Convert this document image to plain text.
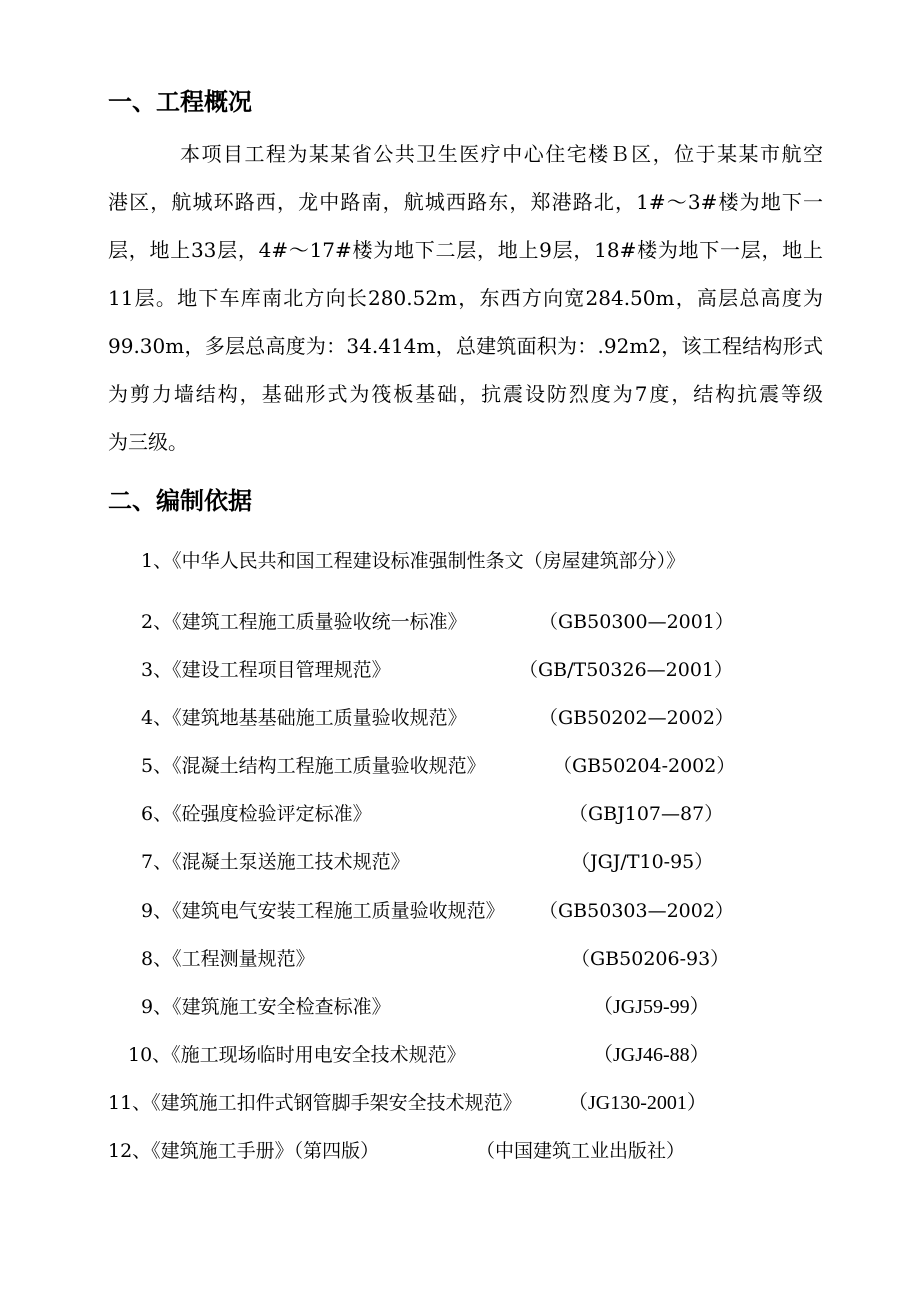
一、工程概况
本项目工程为某某省公共卫生医疗中心住宅楼Ｂ区，位于某某市航空
港区，航城环路西，龙中路南，航城西路东，郑港路北，1#～3#楼为地下一
层，地上33层，4#～17#楼为地下二层，地上9层，18#楼为地下一层，地上
11层。地下车库南北方向长280.52m，东西方向宽284.50m，高层总高度为
99.30m，多层总高度为：34.414m，总建筑面积为：.92m2，该工程结构形式
为剪力墙结构，基础形式为筏板基础，抗震设防烈度为7度，结构抗震等级
为三级。
二、编制依据
1、《中华人民共和国工程建设标准强制性条文（房屋建筑部分）》
2、《建筑工程施工质量验收统一标准》	（GB50300—2001）
3、《建设工程项目管理规范》	（GB/T50326—2001）
4、《建筑地基基础施工质量验收规范》	（GB50202—2002）
5、《混凝土结构工程施工质量验收规范》	（GB50204-2002）
6、《砼强度检验评定标准》	（GBJ107—87）
7、《混凝土泵送施工技术规范》	（JGJ/T10-95）
9、《建筑电气安装工程施工质量验收规范》 （GB50303—2002）
8、《工程测量规范》	（GB50206-93）
9、《建筑施工安全检查标准》	（JGJ59-99）
10、《施工现场临时用电安全技术规范》	（JGJ46-88）
11、《建筑施工扣件式钢管脚手架安全技术规范》 （JG130-2001）
12、《建筑施工手册》（第四版）	（中国建筑工业出版社）
